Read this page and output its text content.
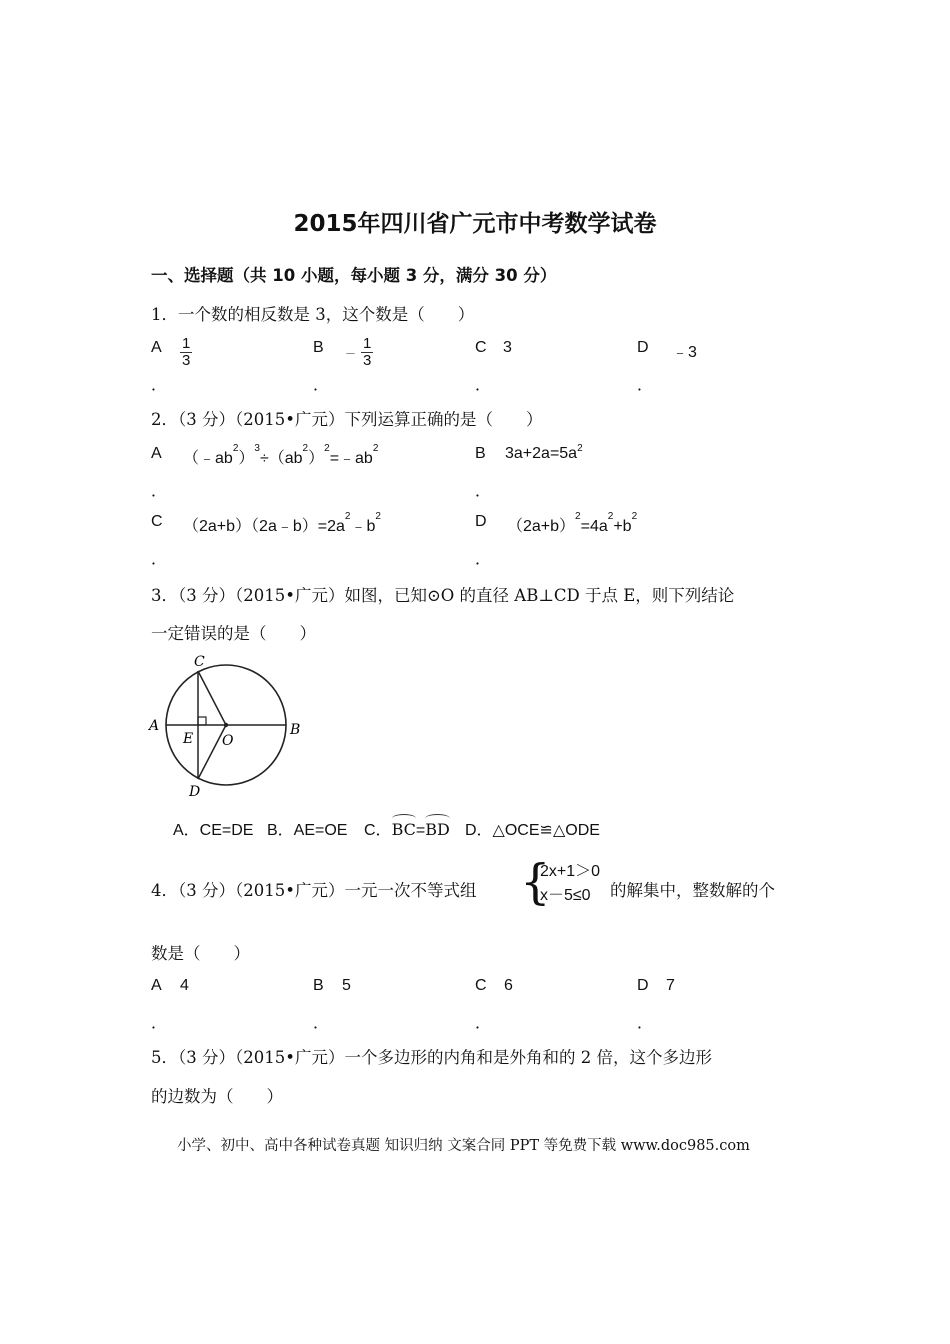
2015年四川省广元市中考数学试卷
一、选择题（共 10 小题，每小题 3 分，满分 30 分）
1．一个数的相反数是 3，这个数是（　　）
A $\frac{1}{3}$	$B - \frac{1}{3}$	C 3	D ﹣3
．	．	．	．
2．（3 分）（2015•广元）下列运算正确的是（　　）
A $(﹣ab^2)^3\div(ab^2)^2=﹣ab^2$	B $3a+2a=5a^2$
．	．
C $(2a+b)(2a﹣b)=2a^2﹣b^2$	D $(2a+b)^2=4a^2+b^2$
．	．
3．（3 分）（2015•广元）如图，已知⊙O 的直径 AB⊥CD 于点 E，则下列结论
一定错误的是（　　）
C
A	B
E O
D
A．CE=DE B．AE=OE C．BC=BD D．△OCE≌△ODE
4．（3 分）（2015•广元）一元一次不等式组 {
2x+1＞0
x－5≤0	的解集中，整数解的个
数是（　　）
A 4	B 5	C 6	D 7
．	．	．	．
5．（3 分）（2015•广元）一个多边形的内角和是外角和的 2 倍，这个多边形
的边数为（　　）
小学、初中、高中各种试卷真题 知识归纳 文案合同 PPT 等免费下载 www.doc985.com
